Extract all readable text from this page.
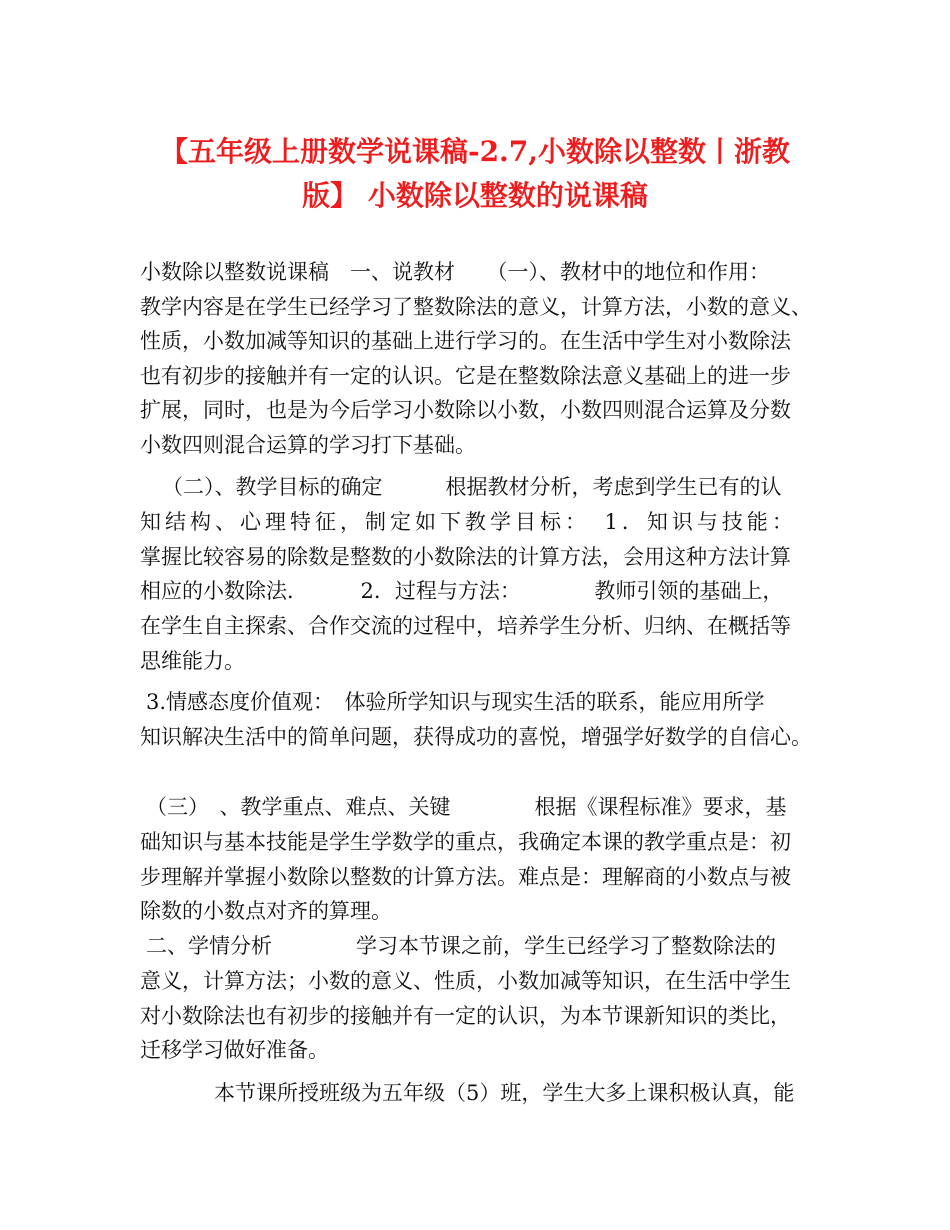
【五年级上册数学说课稿-2.7,小数除以整数丨浙教
版】 小数除以整数的说课稿
小数除以整数说课稿　一、说教材　　（一）、教材中的地位和作用：
教学内容是在学生已经学习了整数除法的意义，计算方法，小数的意义、
性质，小数加减等知识的基础上进行学习的。在生活中学生对小数除法
也有初步的接触并有一定的认识。它是在整数除法意义基础上的进一步
扩展，同时，也是为今后学习小数除以小数，小数四则混合运算及分数
小数四则混合运算的学习打下基础。
（二）、教学目标的确定　　　根据教材分析，考虑到学生已有的认
知结构、心理特征，制定如下教学目标：　1．知识与技能：
掌握比较容易的除数是整数的小数除法的计算方法，会用这种方法计算
相应的小数除法．　　　2．过程与方法：　　　　教师引领的基础上，
在学生自主探索、合作交流的过程中，培养学生分析、归纳、在概括等
思维能力。
3.情感态度价值观：　体验所学知识与现实生活的联系，能应用所学
知识解决生活中的简单问题，获得成功的喜悦，增强学好数学的自信心。
（三）　、教学重点、难点、关键　　　　根据《课程标准》要求，基
础知识与基本技能是学生学数学的重点，我确定本课的教学重点是：初
步理解并掌握小数除以整数的计算方法。难点是：理解商的小数点与被
除数的小数点对齐的算理。
二、学情分析　　　　学习本节课之前，学生已经学习了整数除法的
意义，计算方法；小数的意义、性质，小数加减等知识，在生活中学生
对小数除法也有初步的接触并有一定的认识，为本节课新知识的类比，
迁移学习做好准备。
本节课所授班级为五年级（5）班，学生大多上课积极认真，能
